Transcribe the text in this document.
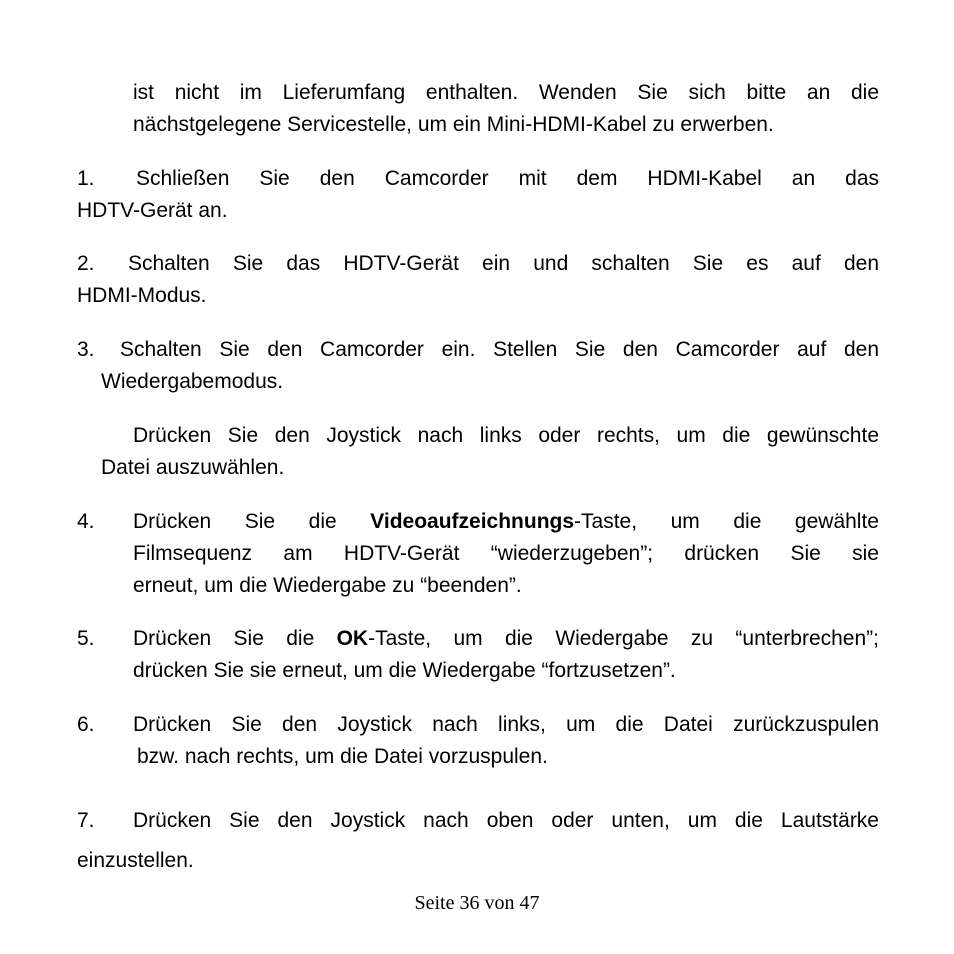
ist nicht im Lieferumfang enthalten. Wenden Sie sich bitte an die
nächstgelegene Servicestelle, um ein Mini-HDMI-Kabel zu erwerben.
1. Schließen Sie den Camcorder mit dem HDMI-Kabel an das
HDTV-Gerät an.
2. Schalten Sie das HDTV-Gerät ein und schalten Sie es auf den
HDMI-Modus.
3. Schalten Sie den Camcorder ein. Stellen Sie den Camcorder auf den
Wiedergabemodus.
Drücken Sie den Joystick nach links oder rechts, um die gewünschte
Datei auszuwählen.
4. Drücken Sie die Videoaufzeichnungs-Taste, um die gewählte
Filmsequenz am HDTV-Gerät “wiederzugeben”; drücken Sie sie
erneut, um die Wiedergabe zu “beenden”.
5. Drücken Sie die OK-Taste, um die Wiedergabe zu “unterbrechen”;
drücken Sie sie erneut, um die Wiedergabe “fortzusetzen”.
6. Drücken Sie den Joystick nach links, um die Datei zurückzuspulen
bzw. nach rechts, um die Datei vorzuspulen.
7. Drücken Sie den Joystick nach oben oder unten, um die Lautstärke
einzustellen.
Seite 36 von 47
